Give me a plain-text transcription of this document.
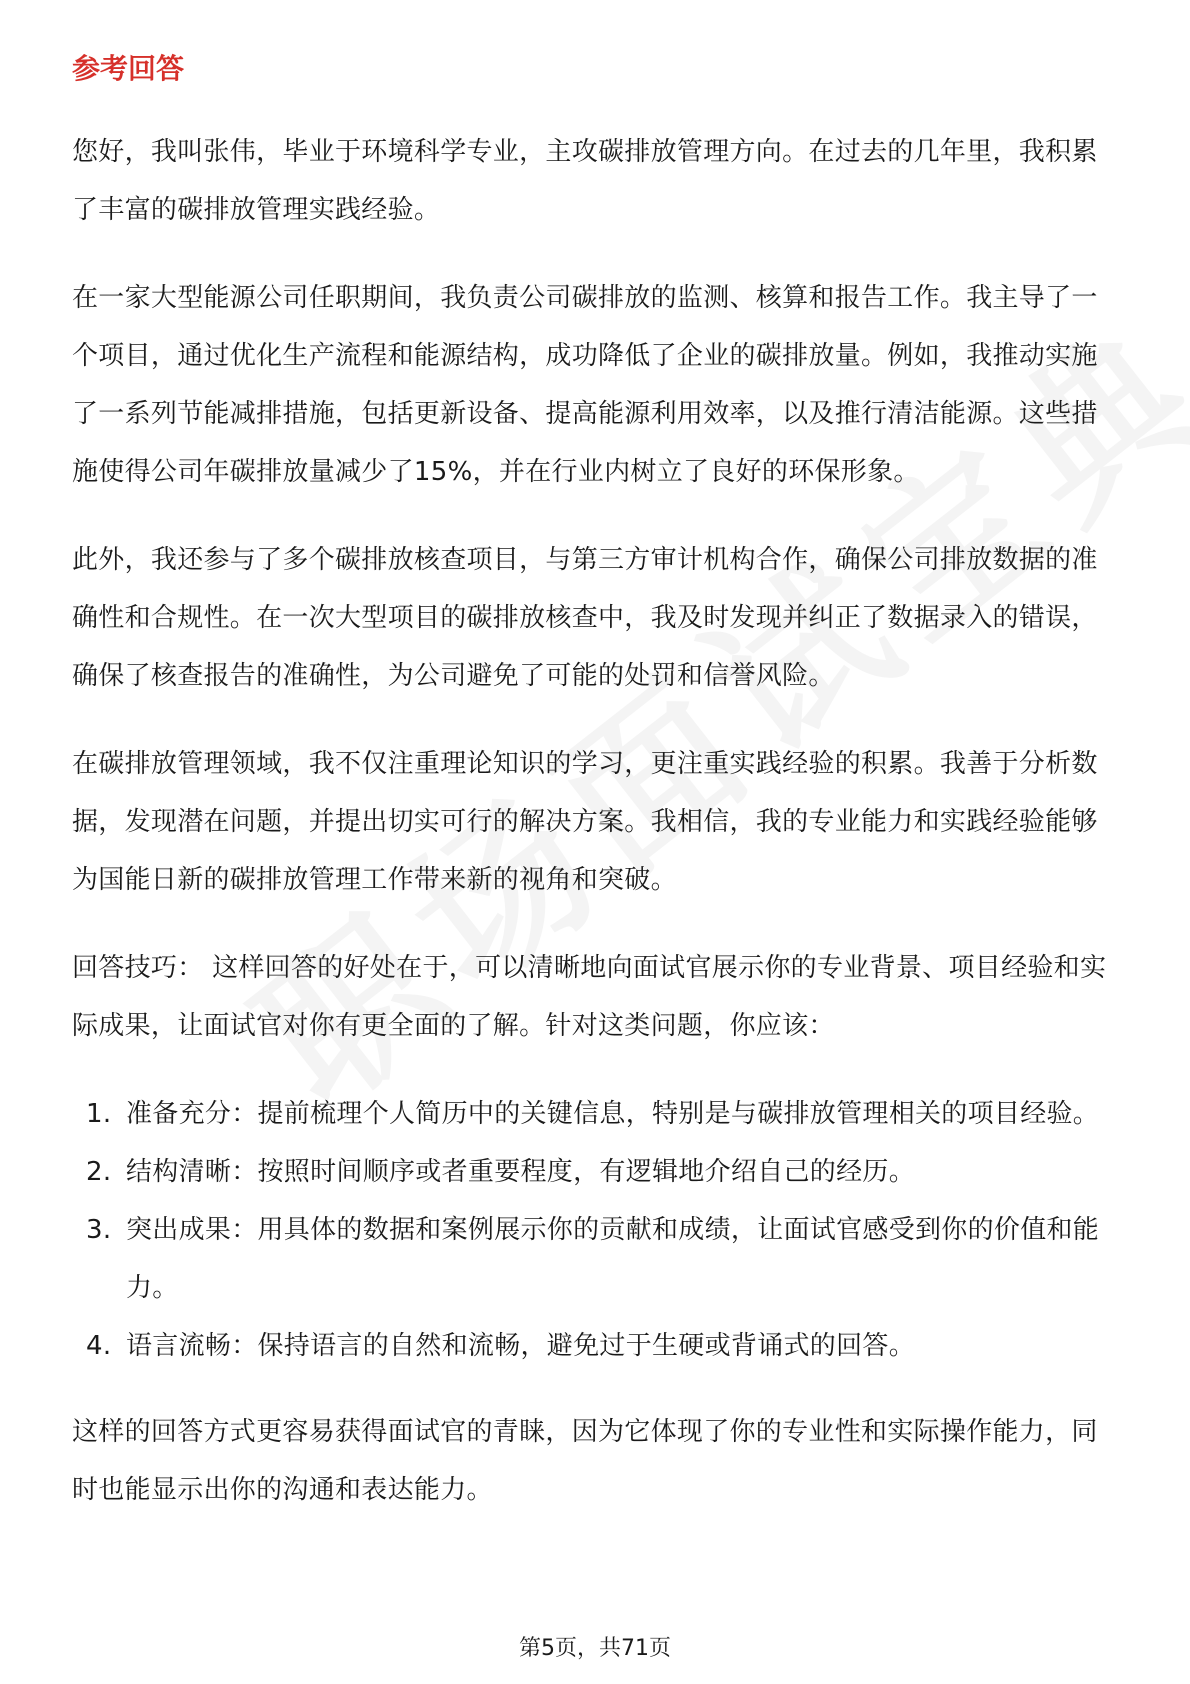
参考回答

您好，我叫张伟，毕业于环境科学专业，主攻碳排放管理方向。在过去的几年里，我积累了丰富的碳排放管理实践经验。

在一家大型能源公司任职期间，我负责公司碳排放的监测、核算和报告工作。我主导了一个项目，通过优化生产流程和能源结构，成功降低了企业的碳排放量。例如，我推动实施了一系列节能减排措施，包括更新设备、提高能源利用效率，以及推行清洁能源。这些措施使得公司年碳排放量减少了15%，并在行业内树立了良好的环保形象。

此外，我还参与了多个碳排放核查项目，与第三方审计机构合作，确保公司排放数据的准确性和合规性。在一次大型项目的碳排放核查中，我及时发现并纠正了数据录入的错误，确保了核查报告的准确性，为公司避免了可能的处罚和信誉风险。

在碳排放管理领域，我不仅注重理论知识的学习，更注重实践经验的积累。我善于分析数据，发现潜在问题，并提出切实可行的解决方案。我相信，我的专业能力和实践经验能够为国能日新的碳排放管理工作带来新的视角和突破。

回答技巧： 这样回答的好处在于，可以清晰地向面试官展示你的专业背景、项目经验和实际成果，让面试官对你有更全面的了解。针对这类问题，你应该：

1. 准备充分：提前梳理个人简历中的关键信息，特别是与碳排放管理相关的项目经验。
2. 结构清晰：按照时间顺序或者重要程度，有逻辑地介绍自己的经历。
3. 突出成果：用具体的数据和案例展示你的贡献和成绩，让面试官感受到你的价值和能力。
4. 语言流畅：保持语言的自然和流畅，避免过于生硬或背诵式的回答。

这样的回答方式更容易获得面试官的青睐，因为它体现了你的专业性和实际操作能力，同时也能显示出你的沟通和表达能力。

第5页，共71页
